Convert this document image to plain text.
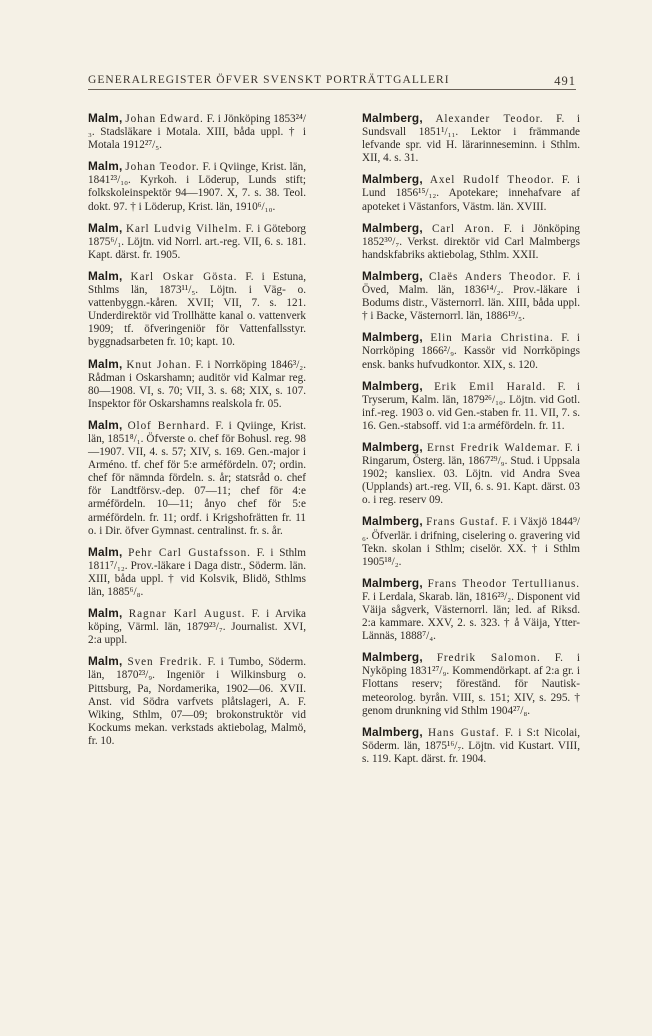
GENERALREGISTER ÖFVER SVENSKT PORTRÄTTGALLERI	491

Malm, Johan Edward. F. i Jönköping 1853²⁴/₃. Stadsläkare i Motala. XIII, båda uppl. † i Motala 1912²⁷/₅.

Malm, Johan Teodor. F. i Qviinge, Krist. län, 1841²³/₁₀. Kyrkoh. i Löderup, Lunds stift; folkskoleinspektör 94—1907. X, 7. s. 38. Teol. dokt. 97. † i Löderup, Krist. län, 1910⁶/₁₀.

Malm, Karl Ludvig Vilhelm. F. i Göteborg 1875⁶/₁. Löjtn. vid Norrl. art.-reg. VII, 6. s. 181. Kapt. därst. fr. 1905.

Malm, Karl Oskar Gösta. F. i Estuna, Sthlms län, 1873¹¹/₅. Löjtn. i Väg- o. vattenbyggn.-kåren. XVII; VII, 7. s. 121. Underdirektör vid Trollhätte kanal o. vattenverk 1909; tf. öfveringeniör för Vattenfallsstyr. byggnadsarbeten fr. 10; kapt. 10.

Malm, Knut Johan. F. i Norrköping 1846³/₂. Rådman i Oskarshamn; auditör vid Kalmar reg. 80—1908. VI, s. 70; VII, 3. s. 68; XIX, s. 107. Inspektor för Oskarshamns realskola fr. 05.

Malm, Olof Bernhard. F. i Qviinge, Krist. län, 1851⁸/₁. Öfverste o. chef för Bohusl. reg. 98—1907. VII, 4. s. 57; XIV, s. 169. Gen.-major i Arméno. tf. chef för 5:e arméfördeln. 07; ordin. chef för nämnda fördeln. s. år; statsråd o. chef för Landtförsv.-dep. 07—11; chef för 4:e arméfördeln. 10—11; ånyo chef för 5:e arméfördeln. fr. 11; ordf. i Krigshofrätten fr. 11 o. i Dir. öfver Gymnast. centralinst. fr. s. år.

Malm, Pehr Carl Gustafsson. F. i Sthlm 1811⁷/₁₂. Prov.-läkare i Daga distr., Söderm. län. XIII, båda uppl. † vid Kolsvik, Blidö, Sthlms län, 1885⁶/₈.

Malm, Ragnar Karl August. F. i Arvika köping, Värml. län, 1879²³/₇. Journalist. XVI, 2:a uppl.

Malm, Sven Fredrik. F. i Tumbo, Söderm. län, 1870²³/₉. Ingeniör i Wilkinsburg o. Pittsburg, Pa, Nordamerika, 1902—06. XVII. Anst. vid Södra varfvets plåtslageri, A. F. Wiking, Sthlm, 07—09; brokonstruktör vid Kockums mekan. verkstads aktiebolag, Malmö, fr. 10.

Malmberg, Alexander Teodor. F. i Sundsvall 1851¹/₁₁. Lektor i främmande lefvande spr. vid H. lärarinneseminn. i Sthlm. XII, 4. s. 31.

Malmberg, Axel Rudolf Theodor. F. i Lund 1856¹⁵/₁₂. Apotekare; innehafvare af apoteket i Västanfors, Västm. län. XVIII.

Malmberg, Carl Aron. F. i Jönköping 1852³⁰/₇. Verkst. direktör vid Carl Malmbergs handskfabriks aktiebolag, Sthlm. XXII.

Malmberg, Claës Anders Theodor. F. i Öved, Malm. län, 1836¹⁴/₂. Prov.-läkare i Bodums distr., Västernorrl. län. XIII, båda uppl. † i Backe, Västernorrl. län, 1886¹⁹/₅.

Malmberg, Elin Maria Christina. F. i Norrköping 1866²/₉. Kassör vid Norrköpings ensk. banks hufvudkontor. XIX, s. 120.

Malmberg, Erik Emil Harald. F. i Tryserum, Kalm. län, 1879²⁶/₁₀. Löjtn. vid Gotl. inf.-reg. 1903 o. vid Gen.-staben fr. 11. VII, 7. s. 16. Gen.-stabsoff. vid 1:a arméfördeln. fr. 11.

Malmberg, Ernst Fredrik Waldemar. F. i Ringarum, Österg. län, 1867²⁹/₉. Stud. i Uppsala 1902; kansliex. 03. Löjtn. vid Andra Svea (Upplands) art.-reg. VII, 6. s. 91. Kapt. därst. 03 o. i reg. reserv 09.

Malmberg, Frans Gustaf. F. i Växjö 1844⁹/₆. Öfverlär. i drifning, ciselering o. gravering vid Tekn. skolan i Sthlm; ciselör. XX. † i Sthlm 1905¹⁸/₂.

Malmberg, Frans Theodor Tertullianus. F. i Lerdala, Skarab. län, 1816²³/₂. Disponent vid Väija sågverk, Västernorrl. län; led. af Riksd. 2:a kammare. XXV, 2. s. 323. † å Väija, Ytter-Lännäs, 1888⁷/₄.

Malmberg, Fredrik Salomon. F. i Nyköping 1831²⁷/₉. Kommendörkapt. af 2:a gr. i Flottans reserv; föreständ. för Nautisk-meteorolog. byrån. VIII, s. 151; XIV, s. 295. † genom drunkning vid Sthlm 1904²⁷/₈.

Malmberg, Hans Gustaf. F. i S:t Nicolai, Söderm. län, 1875¹⁶/₇. Löjtn. vid Kustart. VIII, s. 119. Kapt. därst. fr. 1904.
